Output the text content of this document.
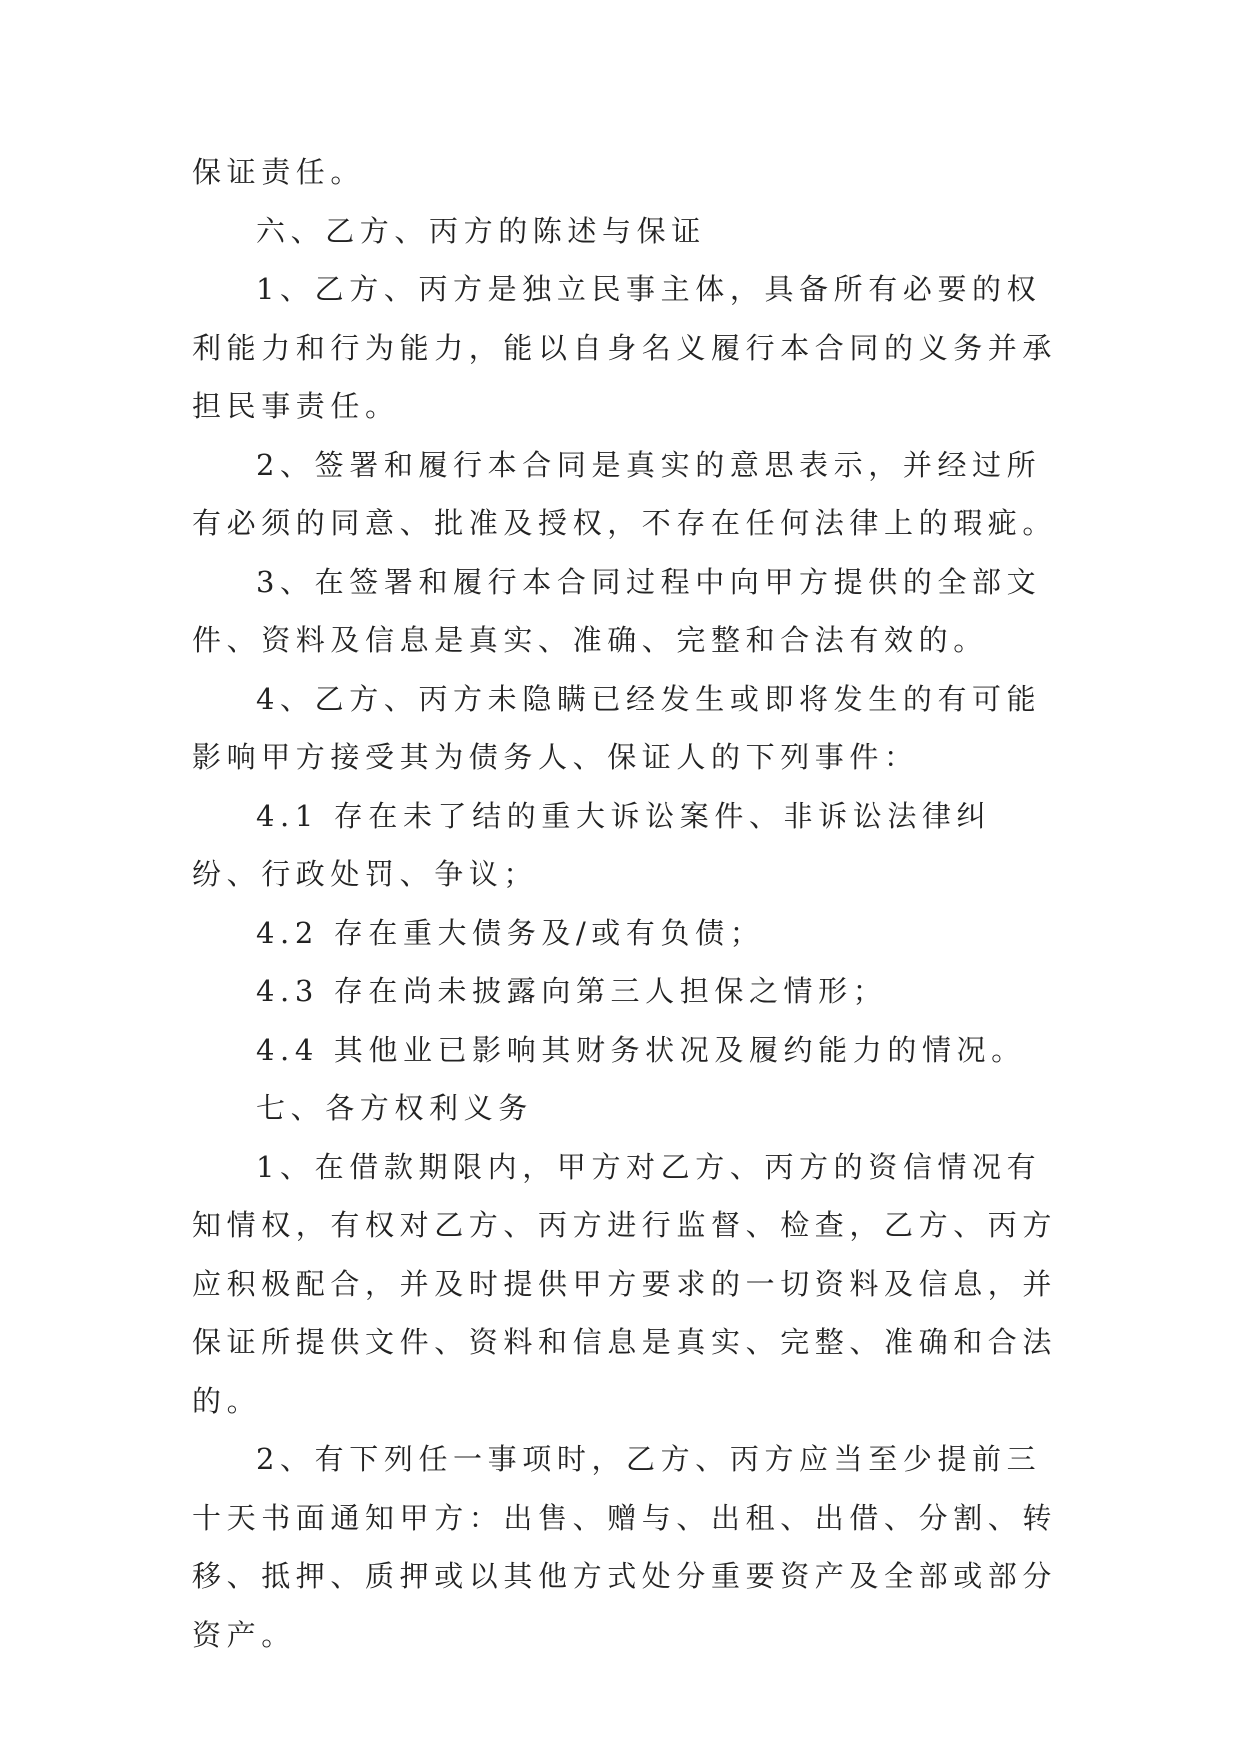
保证责任。

六、乙方、丙方的陈述与保证

1、乙方、丙方是独立民事主体，具备所有必要的权利能力和行为能力，能以自身名义履行本合同的义务并承担民事责任。

2、签署和履行本合同是真实的意思表示，并经过所有必须的同意、批准及授权，不存在任何法律上的瑕疵。

3、在签署和履行本合同过程中向甲方提供的全部文件、资料及信息是真实、准确、完整和合法有效的。

4、乙方、丙方未隐瞒已经发生或即将发生的有可能影响甲方接受其为债务人、保证人的下列事件：

4.1 存在未了结的重大诉讼案件、非诉讼法律纠纷、行政处罚、争议；

4.2 存在重大债务及/或有负债；

4.3 存在尚未披露向第三人担保之情形；

4.4 其他业已影响其财务状况及履约能力的情况。

七、各方权利义务

1、在借款期限内，甲方对乙方、丙方的资信情况有知情权，有权对乙方、丙方进行监督、检查，乙方、丙方应积极配合，并及时提供甲方要求的一切资料及信息，并保证所提供文件、资料和信息是真实、完整、准确和合法的。

2、有下列任一事项时，乙方、丙方应当至少提前三十天书面通知甲方：出售、赠与、出租、出借、分割、转移、抵押、质押或以其他方式处分重要资产及全部或部分资产。
